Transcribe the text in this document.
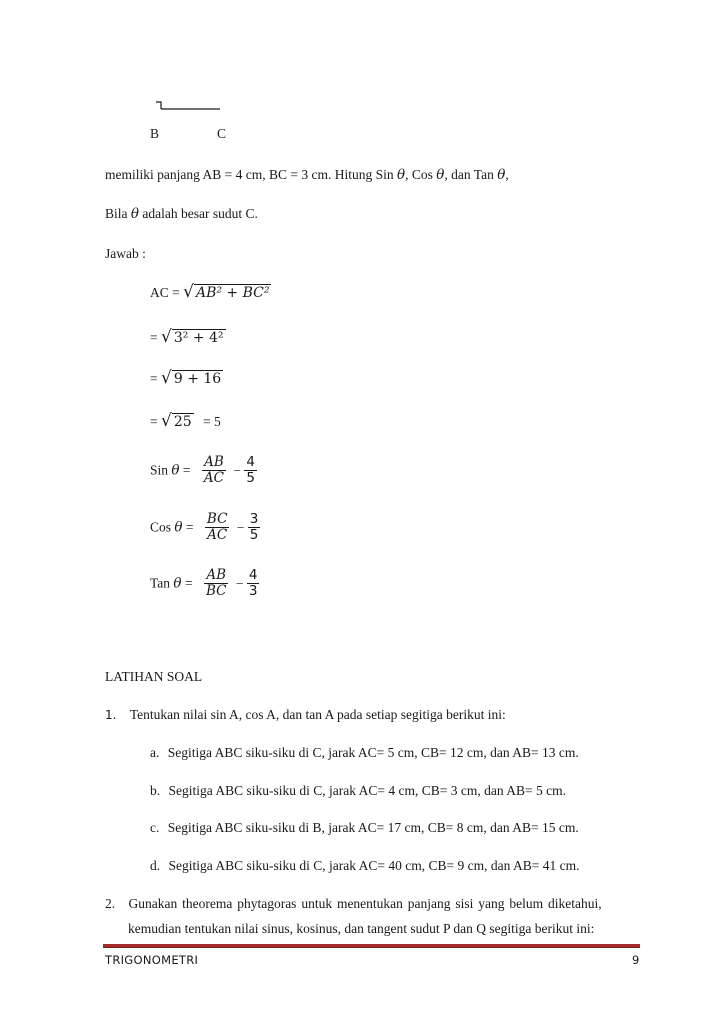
B	C
memiliki panjang AB = 4 cm, BC = 3 cm. Hitung Sin θ, Cos θ, dan Tan θ,
Bila θ adalah besar sudut C.
Jawab :
AC = √ AB² + BC²
= √ 3² + 4²
= √ 9 + 16
= √ 25 = 5
Sin $\theta = \frac{AB}{AC} - \frac{4}{5}$
Cos $\theta = \frac{BC}{AC} - \frac{3}{5}$
Tan $\theta = \frac{AB}{BC} - \frac{4}{3}$
LATIHAN SOAL
1. Tentukan nilai sin A, cos A, dan tan A pada setiap segitiga berikut ini:
a. Segitiga ABC siku-siku di C, jarak AC= 5 cm, CB= 12 cm, dan AB= 13 cm.
b. Segitiga ABC siku-siku di C, jarak AC= 4 cm, CB= 3 cm, dan AB= 5 cm.
c. Segitiga ABC siku-siku di B, jarak AC= 17 cm, CB= 8 cm, dan AB= 15 cm.
d. Segitiga ABC siku-siku di C, jarak AC= 40 cm, CB= 9 cm, dan AB= 41 cm.
2. Gunakan theorema phytagoras untuk menentukan panjang sisi yang belum diketahui,
kemudian tentukan nilai sinus, kosinus, dan tangent sudut P dan Q segitiga berikut ini:
TRIGONOMETRI	9
